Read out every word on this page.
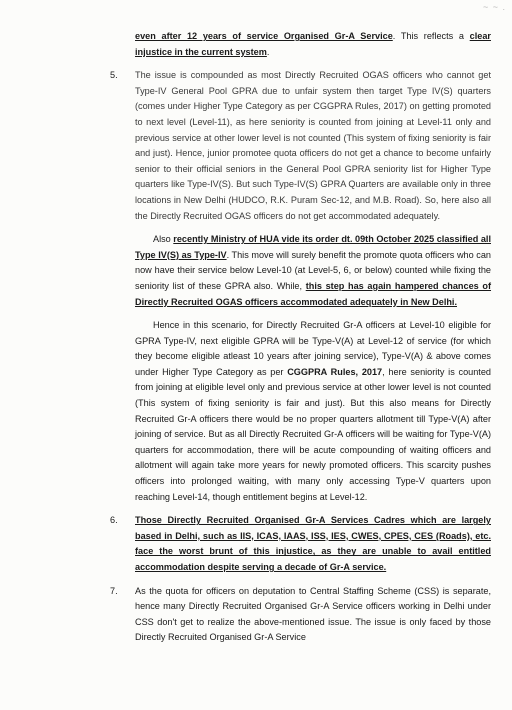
~ ~ .

even after 12 years of service Organised Gr-A Service. This reflects a clear injustice in the current system.

5. The issue is compounded as most Directly Recruited OGAS officers who cannot get Type-IV General Pool GPRA due to unfair system then target Type IV(S) quarters (comes under Higher Type Category as per CGGPRA Rules, 2017) on getting promoted to next level (Level-11), as here seniority is counted from joining at Level-11 only and previous service at other lower level is not counted (This system of fixing seniority is fair and just). Hence, junior promotee quota officers do not get a chance to become unfairly senior to their official seniors in the General Pool GPRA seniority list for Higher Type quarters like Type-IV(S). But such Type-IV(S) GPRA Quarters are available only in three locations in New Delhi (HUDCO, R.K. Puram Sec-12, and M.B. Road). So, here also all the Directly Recruited OGAS officers do not get accommodated adequately.

Also recently Ministry of HUA vide its order dt. 09th October 2025 classified all Type IV(S) as Type-IV. This move will surely benefit the promote quota officers who can now have their service below Level-10 (at Level-5, 6, or below) counted while fixing the seniority list of these GPRA also. While, this step has again hampered chances of Directly Recruited OGAS officers accommodated adequately in New Delhi.

Hence in this scenario, for Directly Recruited Gr-A officers at Level-10 eligible for GPRA Type-IV, next eligible GPRA will be Type-V(A) at Level-12 of service (for which they become eligible atleast 10 years after joining service), Type-V(A) & above comes under Higher Type Category as per CGGPRA Rules, 2017, here seniority is counted from joining at eligible level only and previous service at other lower level is not counted (This system of fixing seniority is fair and just). But this also means for Directly Recruited Gr-A officers there would be no proper quarters allotment till Type-V(A) after joining of service. But as all Directly Recruited Gr-A officers will be waiting for Type-V(A) quarters for accommodation, there will be acute compounding of waiting officers and allotment will again take more years for newly promoted officers. This scarcity pushes officers into prolonged waiting, with many only accessing Type-V quarters upon reaching Level-14, though entitlement begins at Level-12.

6. Those Directly Recruited Organised Gr-A Services Cadres which are largely based in Delhi, such as IIS, ICAS, IAAS, ISS, IES, CWES, CPES, CES (Roads), etc. face the worst brunt of this injustice, as they are unable to avail entitled accommodation despite serving a decade of Gr-A service.

7. As the quota for officers on deputation to Central Staffing Scheme (CSS) is separate, hence many Directly Recruited Organised Gr-A Service officers working in Delhi under CSS don't get to realize the above-mentioned issue. The issue is only faced by those Directly Recruited Organised Gr-A Service
